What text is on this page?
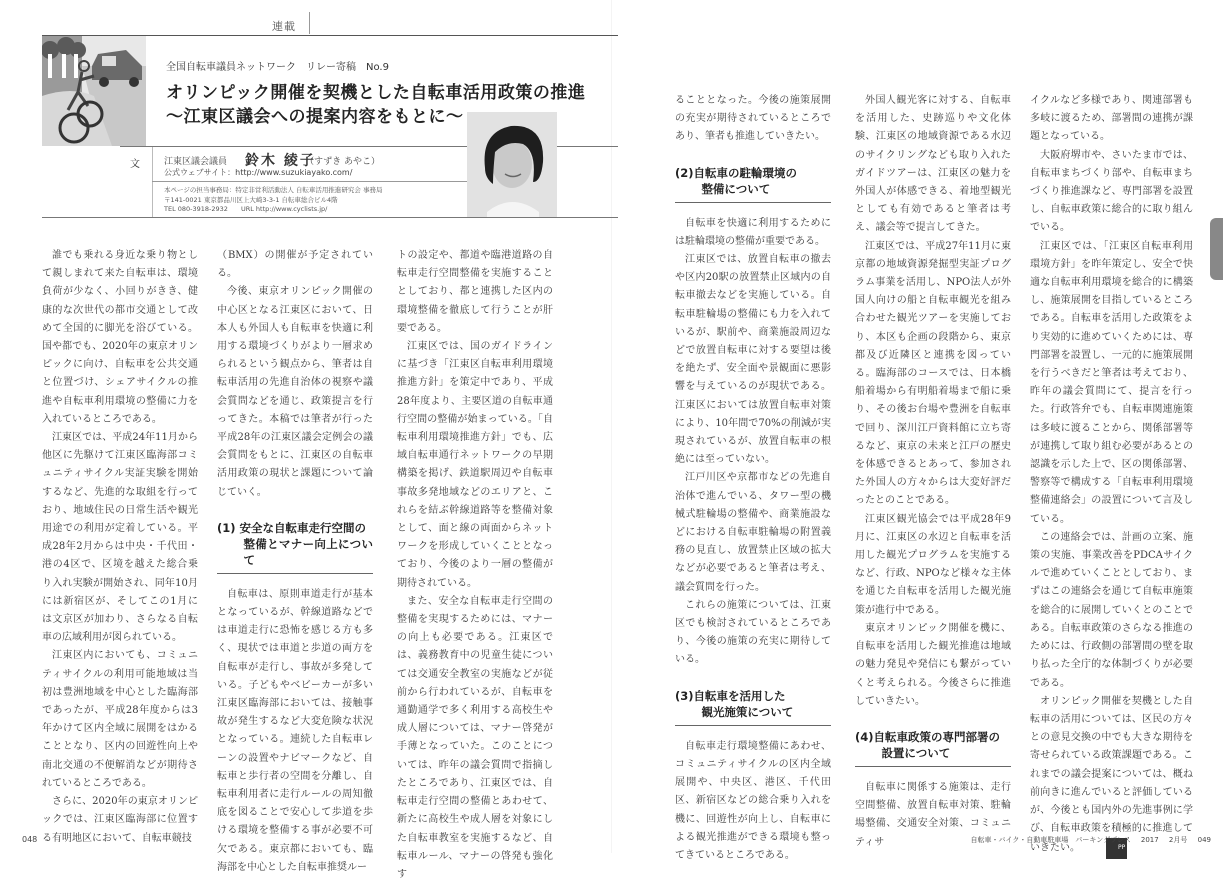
連載
全国自転車議員ネットワーク　リレー寄稿　No.9
オリンピック開催を契機とした自転車活用政策の推進
〜江東区議会への提案内容をもとに〜
文	江東区議会議員 鈴木 綾子
（すずき あやこ）
公式ウェブサイト：http://www.suzukiayako.com/
本ページの担当事務局：特定非営利活動法人 自転車活用推進研究会 事務局
〒141-0021 東京都品川区上大崎3-3-1 自転車総合ビル4階
TEL 080-3918-2932　　URL http://www.cyclists.jp/

誰でも乗れる身近な乗り物として親しまれて来た自転車は、環境負荷が少なく、小回りがきき、健康的な次世代の都市交通として改めて全国的に脚光を浴びている。国や都でも、2020年の東京オリンピックに向け、自転車を公共交通と位置づけ、シェアサイクルの推進や自転車利用環境の整備に力を入れているところである。

江東区では、平成24年11月から他区に先駆けて江東区臨海部コミュニティサイクル実証実験を開始するなど、先進的な取組を行っており、地域住民の日常生活や観光用途での利用が定着している。平成28年2月からは中央・千代田・港の4区で、区境を越えた総合乗り入れ実験が開始され、同年10月には新宿区が、そしてこの1月には文京区が加わり、さらなる自転車の広域利用が図られている。

江東区内においても、コミュニティサイクルの利用可能地域は当初は豊洲地域を中心とした臨海部であったが、平成28年度からは3年かけて区内全域に展開をはかることとなり、区内の回遊性向上や南北交通の不便解消などが期待されているところである。

さらに、2020年の東京オリンピックでは、江東区臨海部に位置する有明地区において、自転車競技

（BMX）の開催が予定されている。

今後、東京オリンピック開催の中心区となる江東区において、日本人も外国人も自転車を快適に利用する環境づくりがより一層求められるという観点から、筆者は自転車活用の先進自治体の視察や議会質問などを通じ、政策提言を行ってきた。本稿では筆者が行った平成28年の江東区議会定例会の議会質問をもとに、江東区の自転車活用政策の現状と課題について論じていく。

(1) 安全な自転車走行空間の
整備とマナー向上について

自転車は、原則車道走行が基本となっているが、幹線道路などでは車道走行に恐怖を感じる方も多く、現状では車道と歩道の両方を自転車が走行し、事故が多発している。子どもやベビーカーが多い江東区臨海部においては、接触事故が発生するなど大変危険な状況となっている。連続した自転車レーンの設置やナビマークなど、自転車と歩行者の空間を分離し、自転車利用者に走行ルールの周知徹底を図ることで安心して歩道を歩ける環境を整備する事が必要不可欠である。東京都においても、臨海部を中心とした自転車推奨ルー

トの設定や、都道や臨港道路の自転車走行空間整備を実施することとしており、都と連携した区内の環境整備を徹底して行うことが肝要である。

江東区では、国のガイドラインに基づき「江東区自転車利用環境推進方針」を策定中であり、平成28年度より、主要区道の自転車通行空間の整備が始まっている。「自転車利用環境推進方針」でも、広域自転車通行ネットワークの早期構築を掲げ、鉄道駅周辺や自転車事故多発地域などのエリアと、これらを結ぶ幹線道路等を整備対象として、面と線の両面からネットワークを形成していくこととなっており、今後のより一層の整備が期待されている。

また、安全な自転車走行空間の整備を実現するためには、マナーの向上も必要である。江東区では、義務教育中の児童生徒については交通安全教室の実施などが従前から行われているが、自転車を通勤通学で多く利用する高校生や成人層については、マナー啓発が手薄となっていた。このことについては、昨年の議会質問で指摘したところであり、江東区では、自転車走行空間の整備とあわせて、新たに高校生や成人層を対象にした自転車教室を実施するなど、自転車ルール、マナーの啓発も強化す

ることとなった。今後の施策展開の充実が期待されているところであり、筆者も推進していきたい。

(2)自転車の駐輪環境の
整備について

自転車を快適に利用するためには駐輪環境の整備が重要である。

江東区では、放置自転車の撤去や区内20駅の放置禁止区域内の自転車撤去などを実施している。自転車駐輪場の整備にも力を入れているが、駅前や、商業施設周辺などで放置自転車に対する要望は後を絶たず、安全面や景観面に悪影響を与えているのが現状である。江東区においては放置自転車対策により、10年間で70%の削減が実現されているが、放置自転車の根絶には至っていない。

江戸川区や京都市などの先進自治体で進んでいる、タワー型の機械式駐輪場の整備や、商業施設などにおける自転車駐輪場の附置義務の見直し、放置禁止区域の拡大などが必要であると筆者は考え、議会質問を行った。

これらの施策については、江東区でも検討されているところであり、今後の施策の充実に期待している。

(3)自転車を活用した
観光施策について

自転車走行環境整備にあわせ、コミュニティサイクルの区内全域展開や、中央区、港区、千代田区、新宿区などの総合乗り入れを機に、回遊性が向上し、自転車による観光推進ができる環境も整ってきているところである。

外国人観光客に対する、自転車を活用した、史跡巡りや文化体験、江東区の地域資源である水辺のサイクリングなども取り入れたガイドツアーは、江東区の魅力を外国人が体感できる、着地型観光としても有効であると筆者は考え、議会等で提言してきた。

江東区では、平成27年11月に東京都の地域資源発掘型実証プログラム事業を活用し、NPO法人が外国人向けの船と自転車観光を組み合わせた観光ツアーを実施しており、本区も企画の段階から、東京都及び近隣区と連携を図っている。臨海部のコースでは、日本橋船着場から有明船着場まで船に乗り、その後お台場や豊洲を自転車で回り、深川江戸資料館に立ち寄るなど、東京の未来と江戸の歴史を体感できるとあって、参加された外国人の方々からは大変好評だったとのことである。

江東区観光協会では平成28年9月に、江東区の水辺と自転車を活用した観光プログラムを実施するなど、行政、NPOなど様々な主体を通じた自転車を活用した観光施策が進行中である。

東京オリンピック開催を機に、自転車を活用した観光推進は地域の魅力発見や発信にも繋がっていくと考えられる。今後さらに推進していきたい。

(4)自転車政策の専門部署の
設置について

自転車に関係する施策は、走行空間整備、放置自転車対策、駐輪場整備、交通安全対策、コミュニティサ

イクルなど多様であり、関連部署も多岐に渡るため、部署間の連携が課題となっている。

大阪府堺市や、さいたま市では、自転車まちづくり部や、自転車まちづくり推進課など、専門部署を設置し、自転車政策に総合的に取り組んでいる。

江東区では、「江東区自転車利用環境方針」を昨年策定し、安全で快適な自転車利用環境を総合的に構築し、施策展開を目指しているところである。自転車を活用した政策をより実効的に進めていくためには、専門部署を設置し、一元的に施策展開を行うべきだと筆者は考えており、昨年の議会質問にて、提言を行った。行政答弁でも、自転車関連施策は多岐に渡ることから、関係部署等が連携して取り組む必要があるとの認識を示した上で、区の関係部署、警察等で構成する「自転車利用環境整備連絡会」の設置について言及している。

この連絡会では、計画の立案、施策の実施、事業改善をPDCAサイクルで進めていくこととしており、まずはこの連絡会を通じて自転車施策を総合的に展開していくとのことである。自転車政策のさらなる推進のためには、行政側の部署間の壁を取り払った全庁的な体制づくりが必要である。

オリンピック開催を契機とした自転車の活用については、区民の方々との意見交換の中でも大きな期待を寄せられている政策課題である。これまでの議会提案については、概ね前向きに進んでいると評価しているが、今後とも国内外の先進事例に学び、自転車政策を積極的に推進していきたい。	PP

048	自転車・バイク・自動車駐車場　パーキングプレス 2017 2月号 049
